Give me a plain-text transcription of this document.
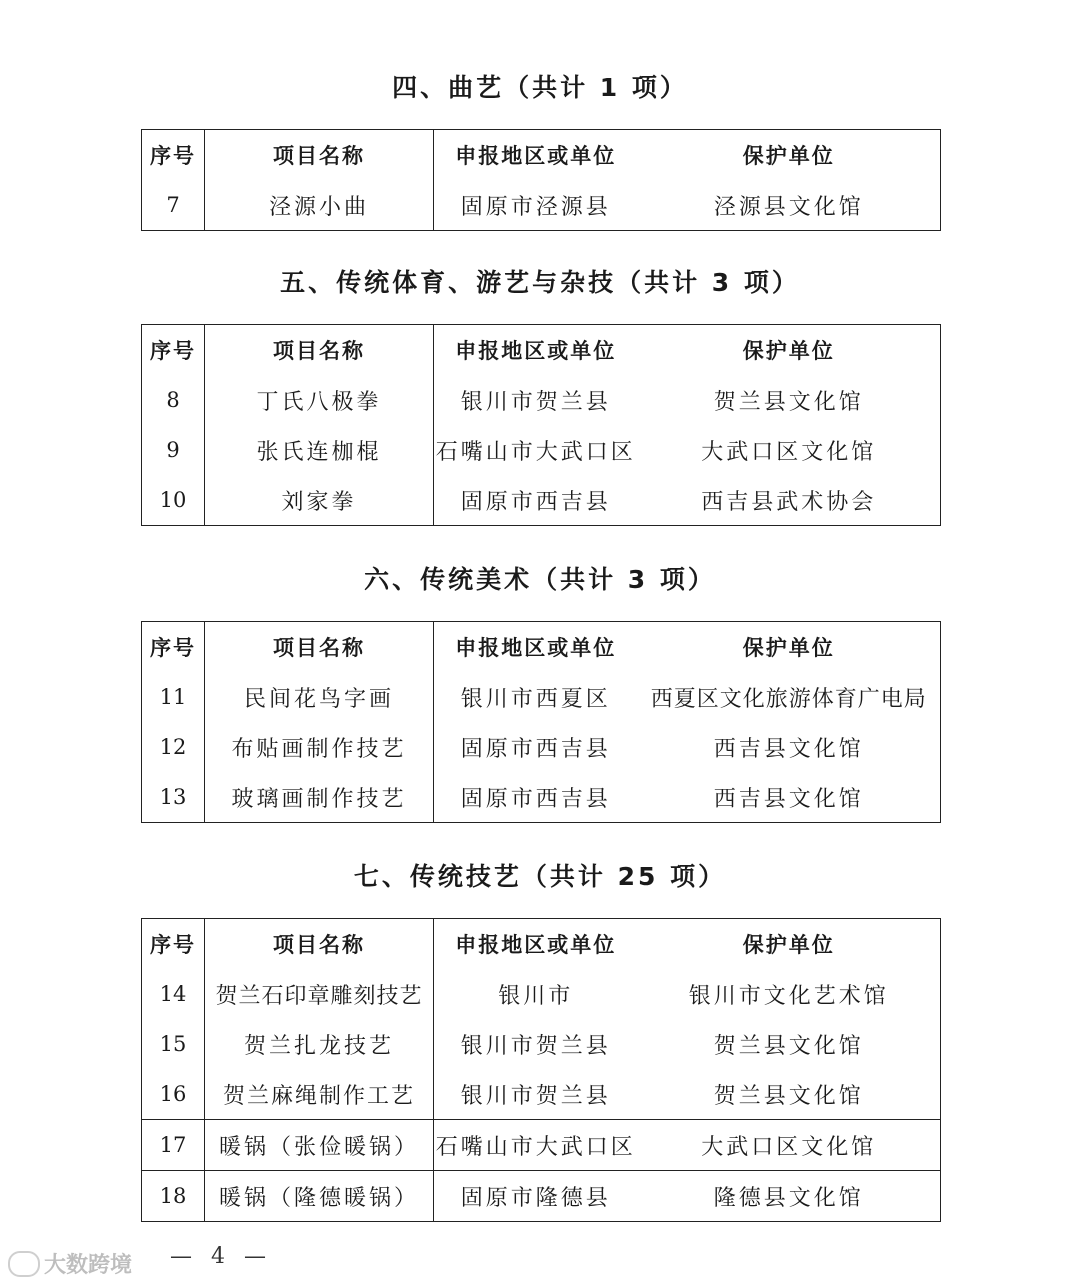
四、曲艺（共计 1 项）
序号	项目名称	申报地区或单位	保护单位
7	泾源小曲	固原市泾源县	泾源县文化馆
五、传统体育、游艺与杂技（共计 3 项）
序号	项目名称	申报地区或单位	保护单位
8	丁氏八极拳	银川市贺兰县	贺兰县文化馆
9	张氏连枷棍	石嘴山市大武口区	大武口区文化馆
10	刘家拳	固原市西吉县	西吉县武术协会
六、传统美术（共计 3 项）
序号	项目名称	申报地区或单位	保护单位
11	民间花鸟字画	银川市西夏区	西夏区文化旅游体育广电局
12	布贴画制作技艺	固原市西吉县	西吉县文化馆
13	玻璃画制作技艺	固原市西吉县	西吉县文化馆
七、传统技艺（共计 25 项）
序号	项目名称	申报地区或单位	保护单位
14	贺兰石印章雕刻技艺	银川市	银川市文化艺术馆
15	贺兰扎龙技艺	银川市贺兰县	贺兰县文化馆
16	贺兰麻绳制作工艺	银川市贺兰县	贺兰县文化馆
17	暖锅（张俭暖锅）	石嘴山市大武口区	大武口区文化馆
18	暖锅（隆德暖锅）	固原市隆德县	隆德县文化馆
大数跨境 — 4 —
